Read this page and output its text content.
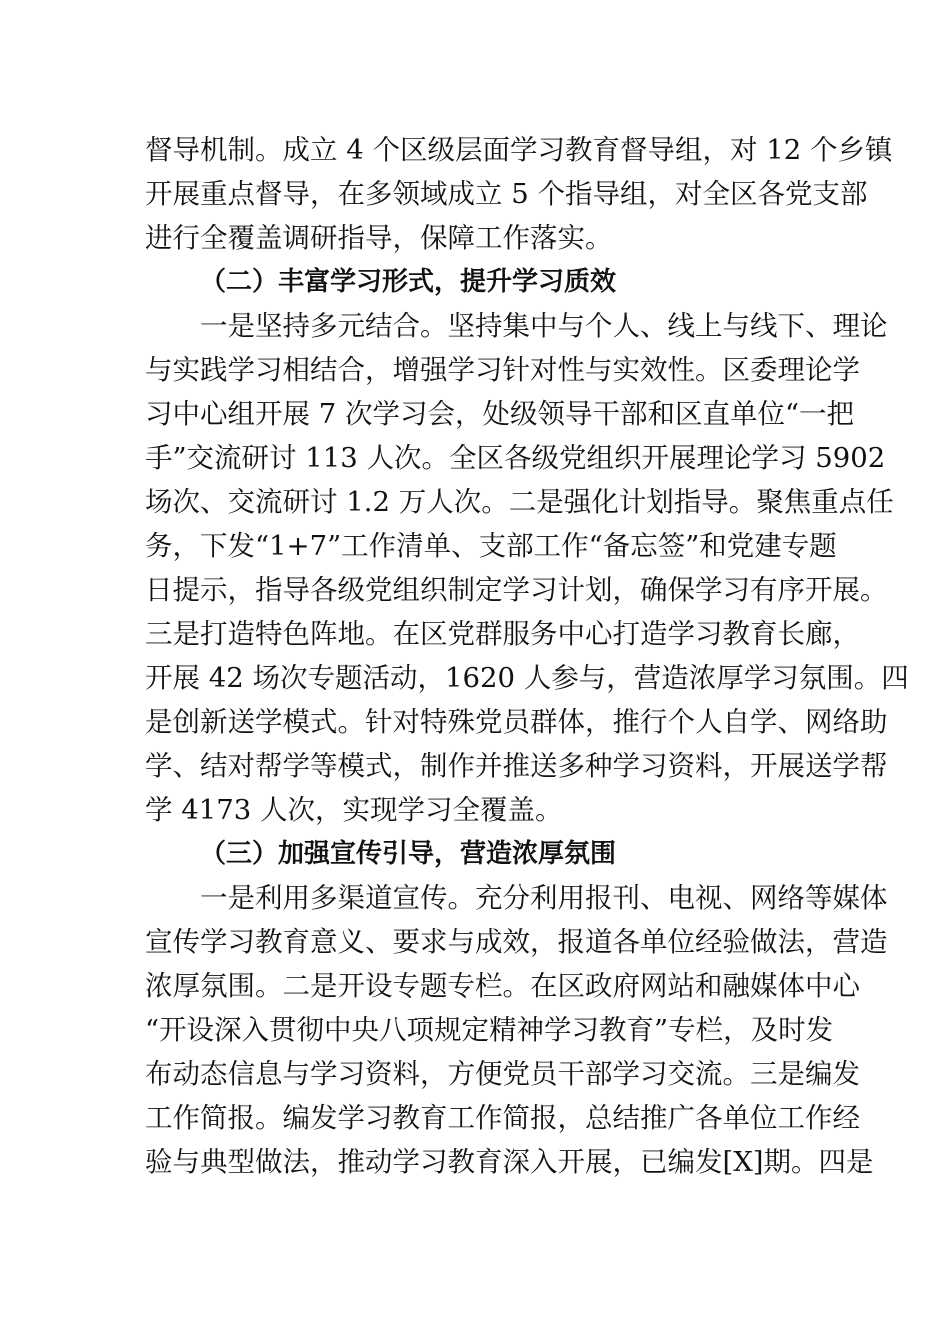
督导机制。成立 4 个区级层面学习教育督导组，对 12 个乡镇
开展重点督导，在多领域成立 5 个指导组，对全区各党支部
进行全覆盖调研指导，保障工作落实。
（二）丰富学习形式，提升学习质效
一是坚持多元结合。坚持集中与个人、线上与线下、理论
与实践学习相结合，增强学习针对性与实效性。区委理论学
习中心组开展 7 次学习会，处级领导干部和区直单位“一把
手”交流研讨 113 人次。全区各级党组织开展理论学习 5902
场次、交流研讨 1.2 万人次。二是强化计划指导。聚焦重点任
务，下发“1+7”工作清单、支部工作“备忘签”和党建专题
日提示，指导各级党组织制定学习计划，确保学习有序开展。
三是打造特色阵地。在区党群服务中心打造学习教育长廊，
开展 42 场次专题活动，1620 人参与，营造浓厚学习氛围。四
是创新送学模式。针对特殊党员群体，推行个人自学、网络助
学、结对帮学等模式，制作并推送多种学习资料，开展送学帮
学 4173 人次，实现学习全覆盖。
（三）加强宣传引导，营造浓厚氛围
一是利用多渠道宣传。充分利用报刊、电视、网络等媒体
宣传学习教育意义、要求与成效，报道各单位经验做法，营造
浓厚氛围。二是开设专题专栏。在区政府网站和融媒体中心
“开设深入贯彻中央八项规定精神学习教育”专栏，及时发
布动态信息与学习资料，方便党员干部学习交流。三是编发
工作简报。编发学习教育工作简报，总结推广各单位工作经
验与典型做法，推动学习教育深入开展，已编发[X]期。四是
